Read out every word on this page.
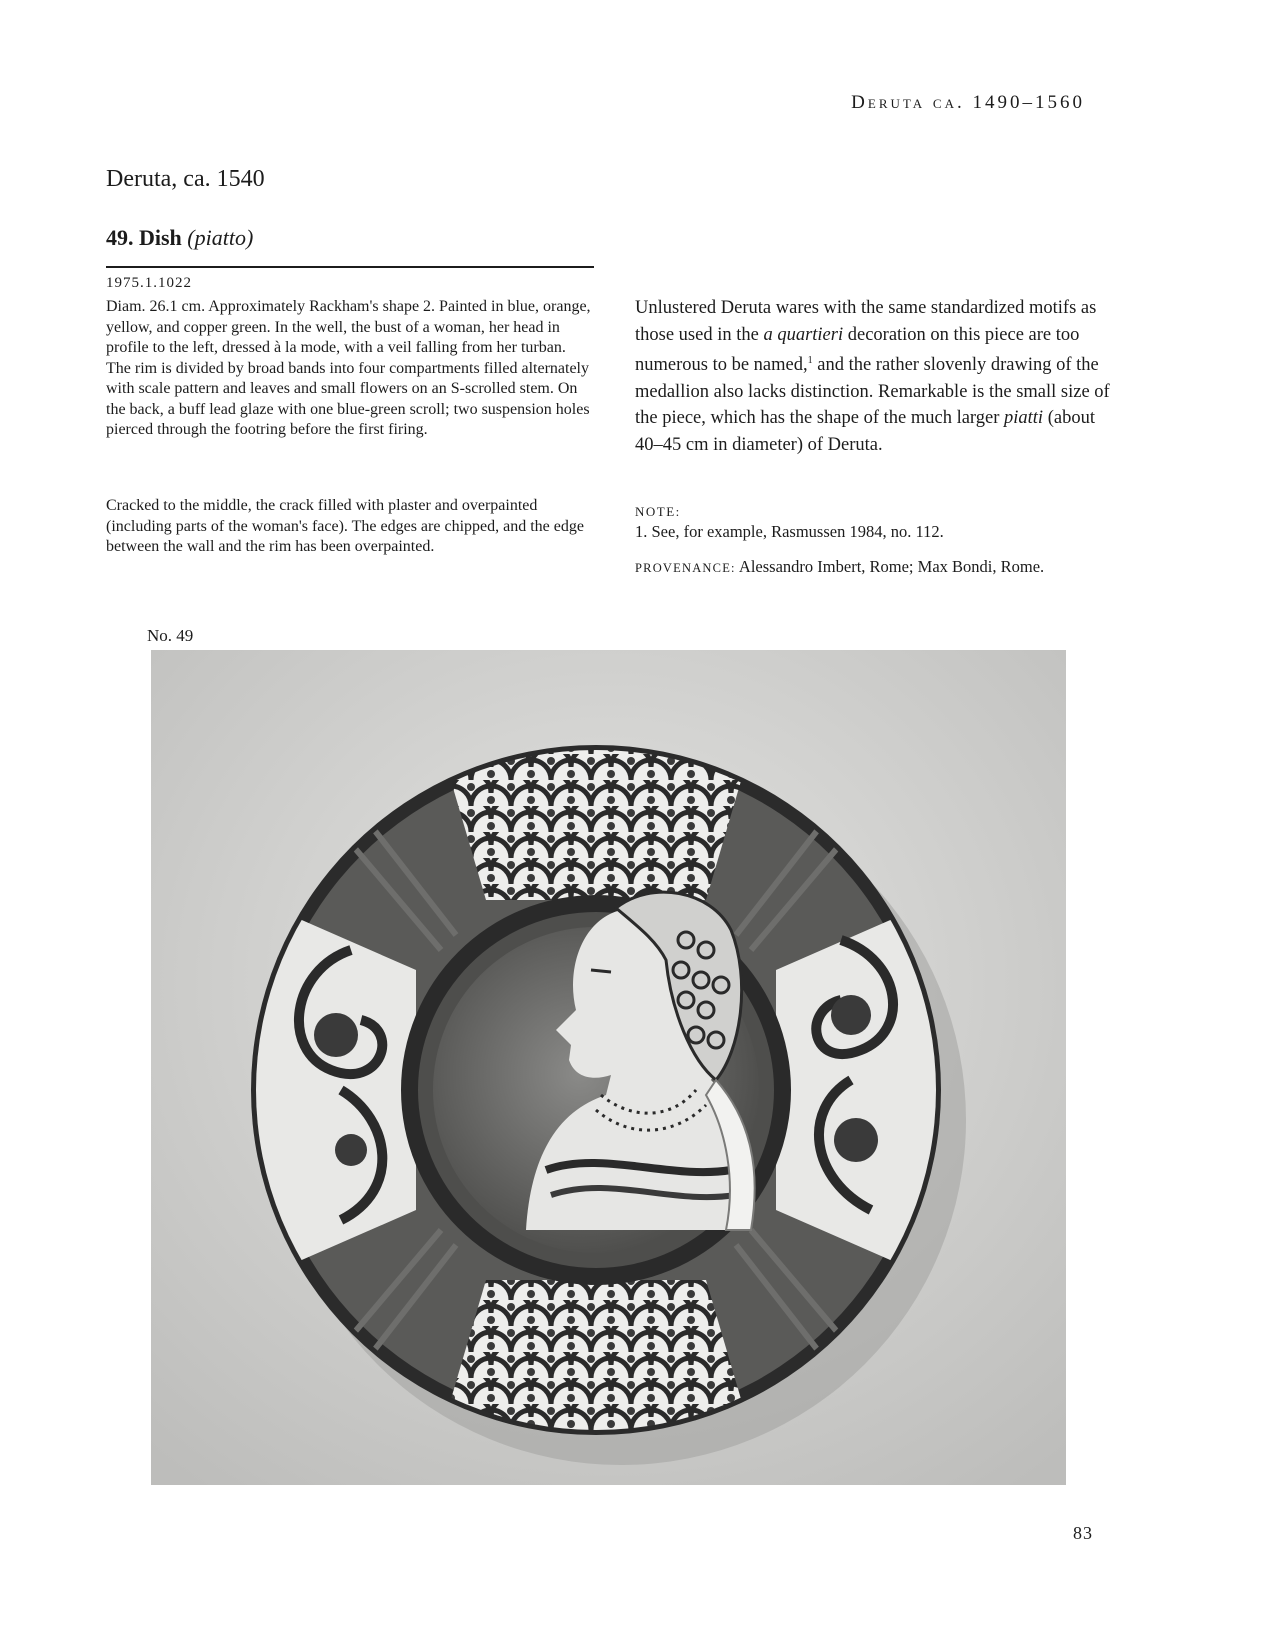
Deruta ca. 1490–1560
Deruta, ca. 1540
49. Dish (piatto)
1975.1.1022

Diam. 26.1 cm. Approximately Rackham's shape 2. Painted in blue, orange, yellow, and copper green. In the well, the bust of a woman, her head in profile to the left, dressed à la mode, with a veil falling from her turban. The rim is divided by broad bands into four compartments filled alternately with scale pattern and leaves and small flowers on an S-scrolled stem. On the back, a buff lead glaze with one blue-green scroll; two suspension holes pierced through the footring before the first firing.

Cracked to the middle, the crack filled with plaster and overpainted (including parts of the woman's face). The edges are chipped, and the edge between the wall and the rim has been overpainted.

Unlustered Deruta wares with the same standardized motifs as those used in the a quartieri decoration on this piece are too numerous to be named,$^1$ and the rather slovenly drawing of the medallion also lacks distinction. Remarkable is the small size of the piece, which has the shape of the much larger piatti (about 40–45 cm in diameter) of Deruta.

NOTE:
1. See, for example, Rasmussen 1984, no. 112.
PROVENANCE: Alessandro Imbert, Rome; Max Bondi, Rome.
No. 49
83
